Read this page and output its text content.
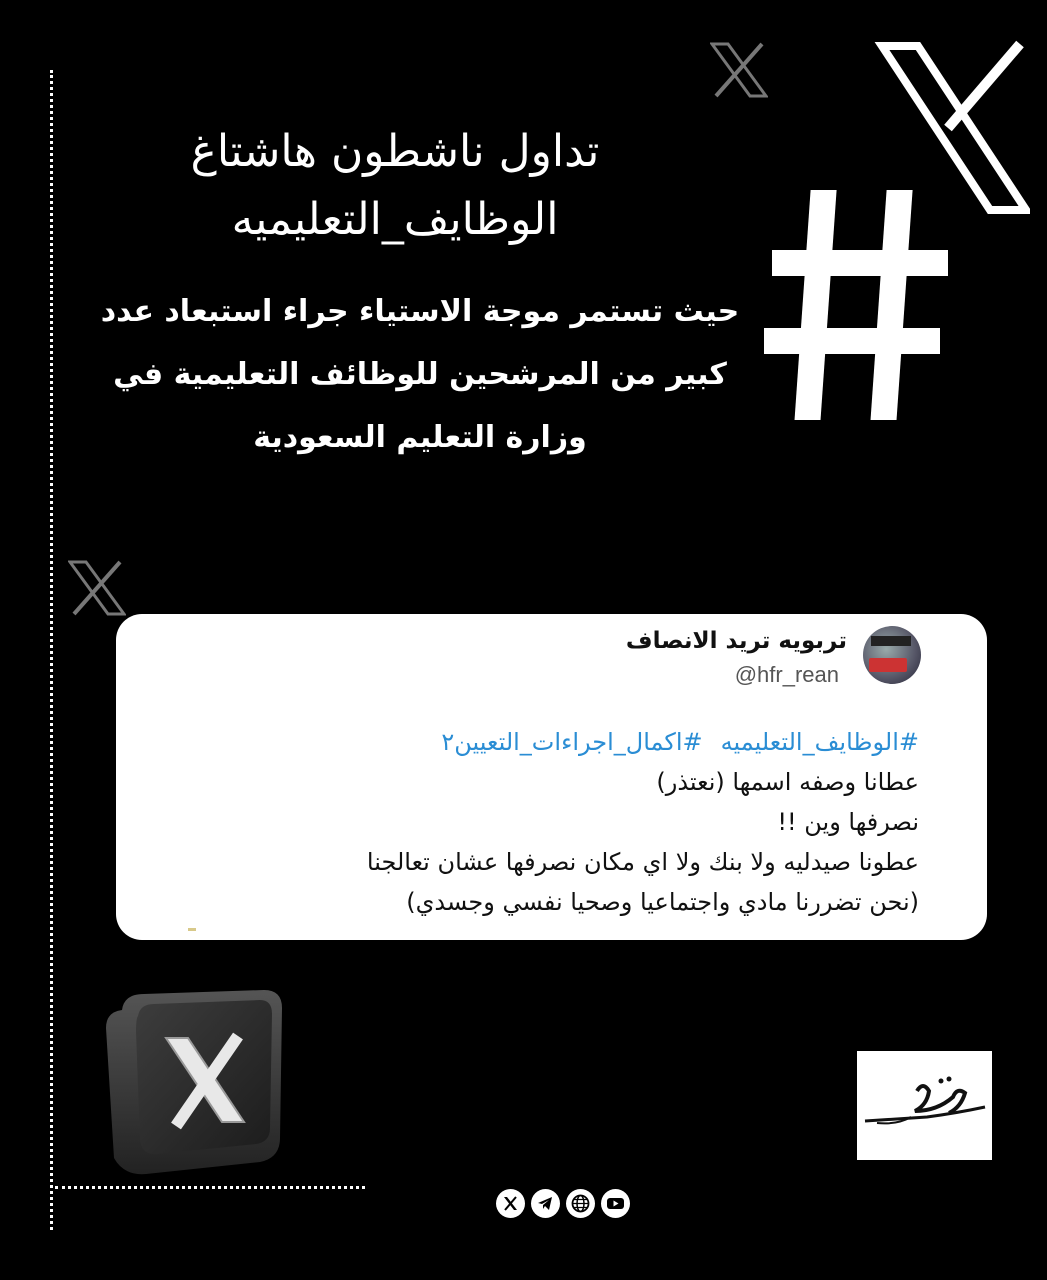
تداول ناشطون هاشتاغ
الوظايف_التعليميه
حيث تستمر موجة الاستياء جراء استبعاد عدد
كبير من المرشحين للوظائف التعليمية في
وزارة التعليم السعودية
تربويه تريد الانصاف
@hfr_rean
#الوظايف_التعليميه#اكمال_اجراءات_التعيين٢
عطانا وصفه اسمها (نعتذر)
نصرفها وين !!
عطونا صيدليه ولا بنك ولا اي مكان نصرفها عشان تعالجنا
(نحن تضررنا مادي واجتماعيا وصحيا نفسي وجسدي)
